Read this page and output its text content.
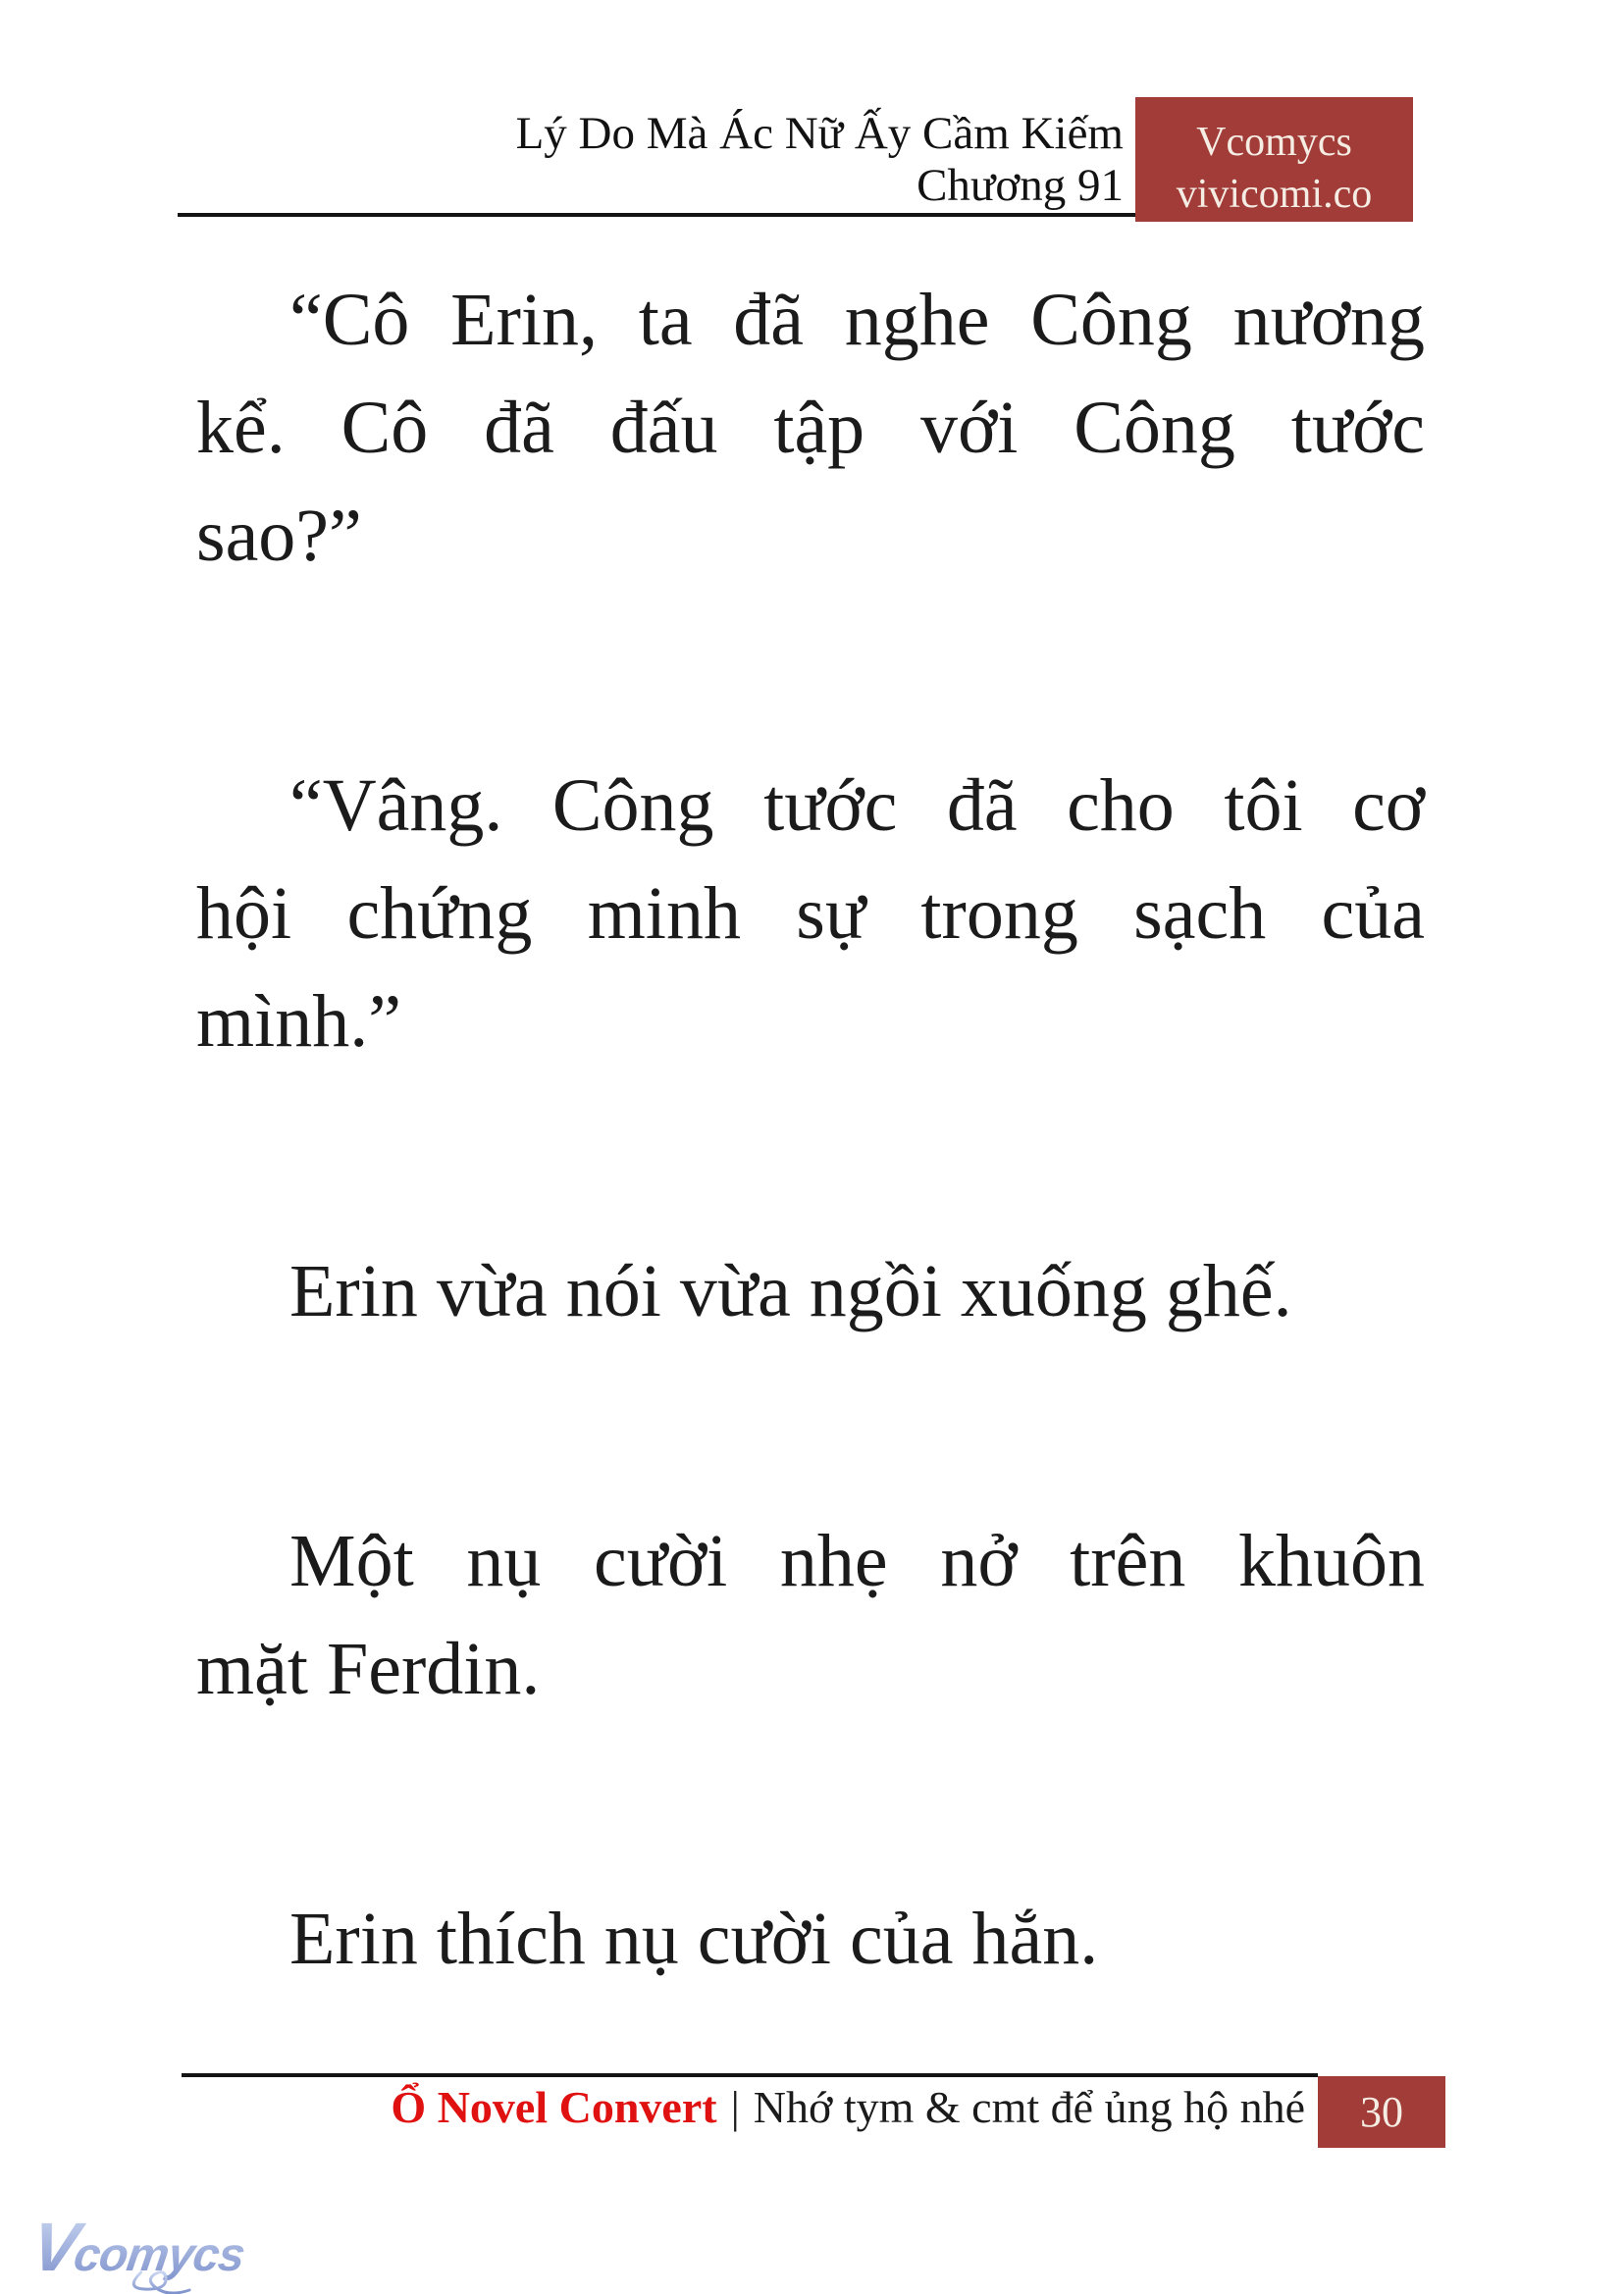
Lý Do Mà Ác Nữ Ấy Cầm Kiếm
Chương 91
Vcomycs
vivicomi.co
“Cô Erin, ta đã nghe Công nương
kể. Cô đã đấu tập với Công tước
sao?”
“Vâng. Công tước đã cho tôi cơ
hội chứng minh sự trong sạch của
mình.”
Erin vừa nói vừa ngồi xuống ghế.
Một nụ cười nhẹ nở trên khuôn
mặt Ferdin.
Erin thích nụ cười của hắn.
Ổ Novel Convert | Nhớ tym & cmt để ủng hộ nhé 30
Vcomycs
